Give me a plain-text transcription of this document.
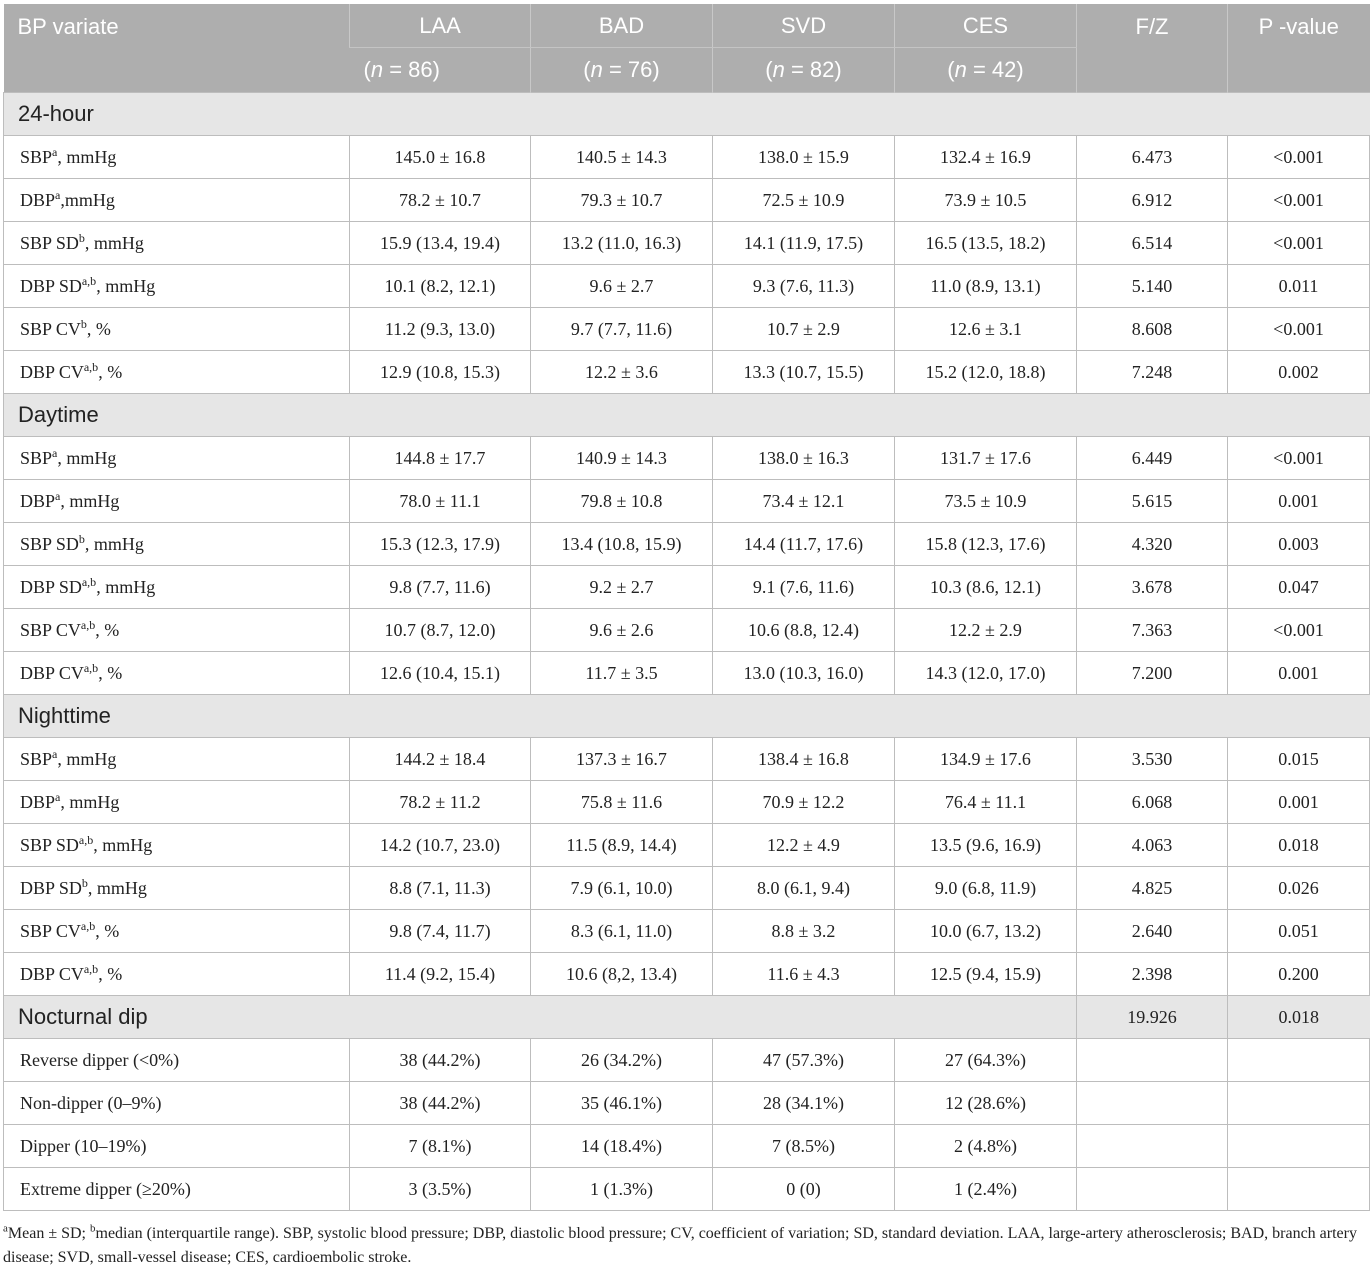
BP variate	LAA	BAD	SVD	CES	F/Z	P -value
	(n = 86)	(n = 76)	(n = 82)	(n = 42)		
24-hour						
SBP$^a$, mmHg	145.0 ± 16.8	140.5 ± 14.3	138.0 ± 15.9	132.4 ± 16.9	6.473	<0.001
DBP$^a$,mmHg	78.2 ± 10.7	79.3 ± 10.7	72.5 ± 10.9	73.9 ± 10.5	6.912	<0.001
SBP $SD^b$, mmHg	15.9 (13.4, 19.4)	13.2 (11.0, 16.3)	14.1 (11.9, 17.5)	16.5 (13.5, 18.2)	6.514	<0.001
DBP SD$^{a,b}$, mmHg	10.1 (8.2, 12.1)	9.6 ± 2.7	9.3 (7.6, 11.3)	11.0 (8.9, 13.1)	5.140	0.011
SBP $CV^b$, %	11.2 (9.3, 13.0)	9.7 (7.7, 11.6)	10.7 ± 2.9	12.6 ± 3.1	8.608	<0.001
DBP CV$^{a,b}$, %	12.9 (10.8, 15.3)	12.2 ± 3.6	13.3 (10.7, 15.5)	15.2 (12.0, 18.8)	7.248	0.002
Daytime						
SBP$^a$, mmHg	144.8 ± 17.7	140.9 ± 14.3	138.0 ± 16.3	131.7 ± 17.6	6.449	<0.001
DBP$^a$, mmHg	78.0 ± 11.1	79.8 ± 10.8	73.4 ± 12.1	73.5 ± 10.9	5.615	0.001
SBP $SD^b$, mmHg	15.3 (12.3, 17.9)	13.4 (10.8, 15.9)	14.4 (11.7, 17.6)	15.8 (12.3, 17.6)	4.320	0.003
DBP SD$^{a,b}$, mmHg	9.8 (7.7, 11.6)	9.2 ± 2.7	9.1 (7.6, 11.6)	10.3 (8.6, 12.1)	3.678	0.047
SBP CV$^{a,b}$, %	10.7 (8.7, 12.0)	9.6 ± 2.6	10.6 (8.8, 12.4)	12.2 ± 2.9	7.363	<0.001
DBP CV$^{a,b}$, %	12.6 (10.4, 15.1)	11.7 ± 3.5	13.0 (10.3, 16.0)	14.3 (12.0, 17.0)	7.200	0.001
Nighttime						
SBP$^a$, mmHg	144.2 ± 18.4	137.3 ± 16.7	138.4 ± 16.8	134.9 ± 17.6	3.530	0.015
DBP$^a$, mmHg	78.2 ± 11.2	75.8 ± 11.6	70.9 ± 12.2	76.4 ± 11.1	6.068	0.001
SBP SD$^{a,b}$, mmHg	14.2 (10.7, 23.0)	11.5 (8.9, 14.4)	12.2 ± 4.9	13.5 (9.6, 16.9)	4.063	0.018
DBP $SD^b$, mmHg	8.8 (7.1, 11.3)	7.9 (6.1, 10.0)	8.0 (6.1, 9.4)	9.0 (6.8, 11.9)	4.825	0.026
SBP CV$^{a,b}$, %	9.8 (7.4, 11.7)	8.3 (6.1, 11.0)	8.8 ± 3.2	10.0 (6.7, 13.2)	2.640	0.051
DBP CV$^{a,b}$, %	11.4 (9.2, 15.4)	10.6 (8,2, 13.4)	11.6 ± 4.3	12.5 (9.4, 15.9)	2.398	0.200
Nocturnal dip					19.926	0.018
Reverse dipper (<0%)	38 (44.2%)	26 (34.2%)	47 (57.3%)	27 (64.3%)		
Non-dipper (0–9%)	38 (44.2%)	35 (46.1%)	28 (34.1%)	12 (28.6%)		
Dipper (10–19%)	7 (8.1%)	14 (18.4%)	7 (8.5%)	2 (4.8%)		
Extreme dipper (≥20%)	3 (3.5%)	1 (1.3%)	0 (0)	1 (2.4%)		
$^a$Mean ± SD; $^b$median (interquartile range). SBP, systolic blood pressure; DBP, diastolic blood pressure; CV, coefficient of variation; SD, standard deviation. LAA, large-artery atherosclerosis; BAD, branch artery disease; SVD, small-vessel disease; CES, cardioembolic stroke.
